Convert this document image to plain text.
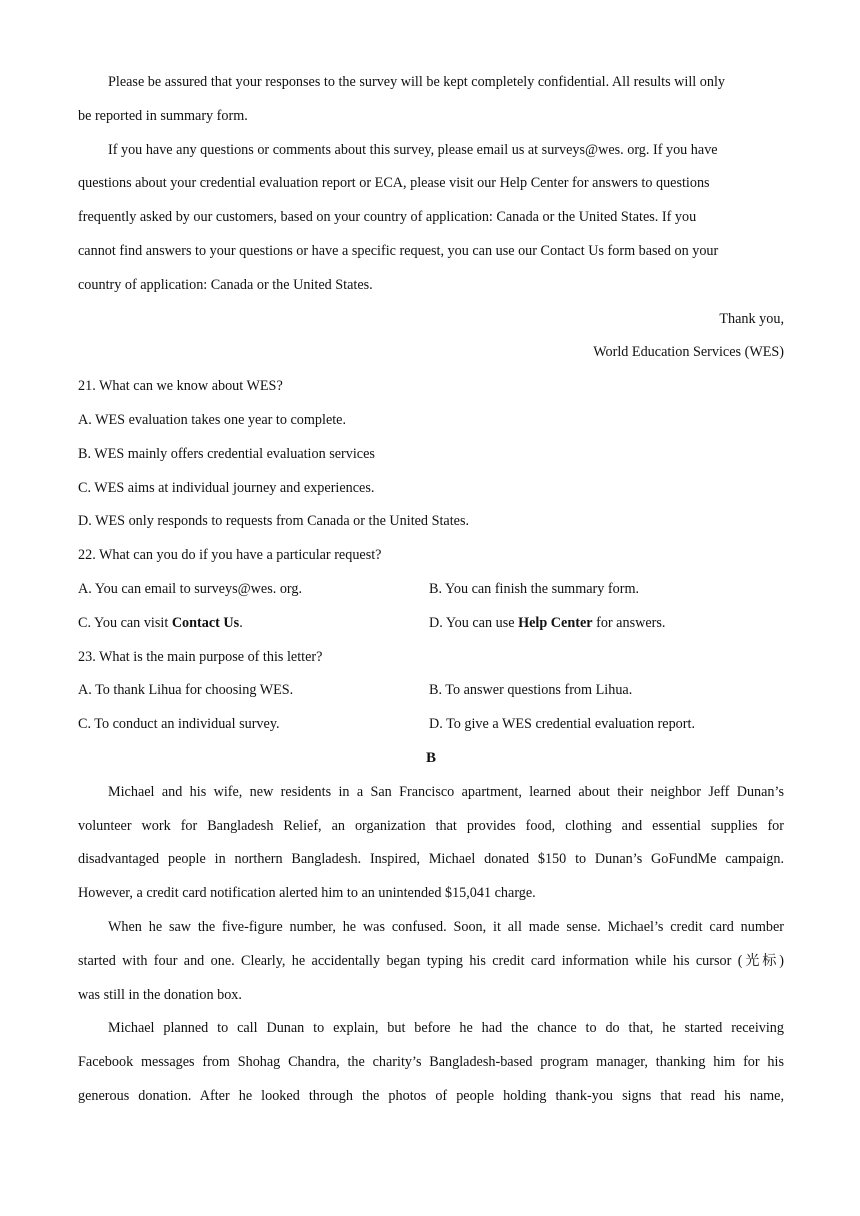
Please be assured that your responses to the survey will be kept completely confidential. All results will only
be reported in summary form.
If you have any questions or comments about this survey, please email us at surveys@wes. org. If you have
questions about your credential evaluation report or ECA, please visit our Help Center for answers to questions
frequently asked by our customers, based on your country of application: Canada or the United States. If you
cannot find answers to your questions or have a specific request, you can use our Contact Us form based on your
country of application: Canada or the United States.
Thank you,
World Education Services (WES)
21. What can we know about WES?
A. WES evaluation takes one year to complete.
B. WES mainly offers credential evaluation services
C. WES aims at individual journey and experiences.
D. WES only responds to requests from Canada or the United States.
22. What can you do if you have a particular request?
A. You can email to surveys@wes. org.	B. You can finish the summary form.
C. You can visit Contact Us.	D. You can use Help Center for answers.
23. What is the main purpose of this letter?
A. To thank Lihua for choosing WES.	B. To answer questions from Lihua.
C. To conduct an individual survey.	D. To give a WES credential evaluation report.
B
Michael and his wife, new residents in a San Francisco apartment, learned about their neighbor Jeff Dunan’s
volunteer work for Bangladesh Relief, an organization that provides food, clothing and essential supplies for
disadvantaged people in northern Bangladesh. Inspired, Michael donated $150 to Dunan’s GoFundMe campaign.
However, a credit card notification alerted him to an unintended $15,041 charge.
When he saw the five-figure number, he was confused. Soon, it all made sense. Michael’s credit card number
started with four and one. Clearly, he accidentally began typing his credit card information while his cursor (光标)
was still in the donation box.
Michael planned to call Dunan to explain, but before he had the chance to do that, he started receiving
Facebook messages from Shohag Chandra, the charity’s Bangladesh-based program manager, thanking him for his
generous donation. After he looked through the photos of people holding thank-you signs that read his name,
